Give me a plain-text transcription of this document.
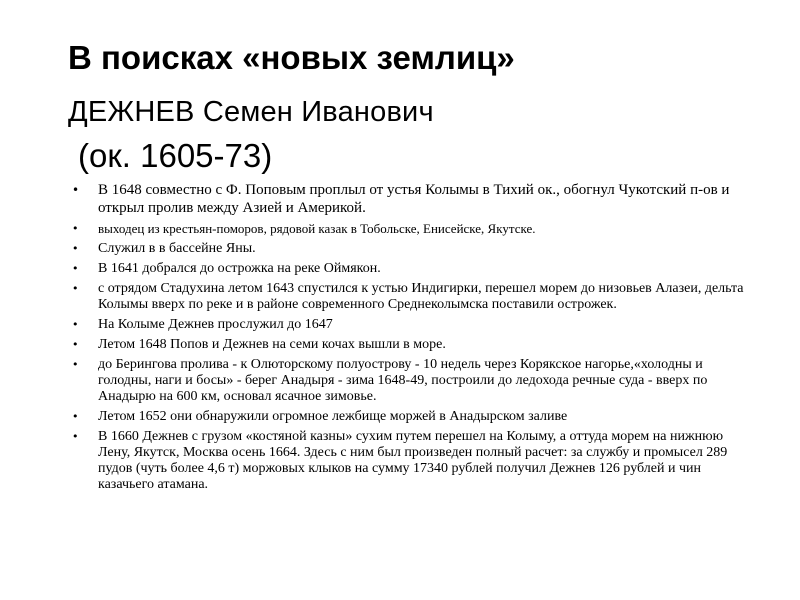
В поисках «новых землиц»
ДЕЖНЕВ Семен Иванович
(ок. 1605-73)
• В 1648 совместно с Ф. Поповым проплыл от устья Колымы в Тихий ок., обогнул Чукотский п-ов и открыл пролив между Азией и Америкой.
• выходец из крестьян-поморов, рядовой казак в Тобольске, Енисейске, Якутске.
• Служил в в бассейне Яны.
• В 1641 добрался до острожка на реке Оймякон.
• с отрядом Стадухина летом 1643 спустился к устью Индигирки, перешел морем до низовьев Алазеи, дельта Колымы вверх по реке и в районе современного Среднеколымска поставили острожек.
• На Колыме Дежнев прослужил до 1647
• Летом 1648 Попов и Дежнев на семи кочах вышли в море.
• до Берингова пролива - к Олюторскому полуострову - 10 недель через Корякское нагорье,«холодны и голодны, наги и босы» - берег Анадыря - зима 1648-49, построили до ледохода речные суда - вверх по Анадырю на 600 км, основал ясачное зимовье.
• Летом 1652 они обнаружили огромное лежбище моржей в Анадырском заливе
• В 1660 Дежнев с грузом «костяной казны» сухим путем перешел на Колыму, а оттуда морем на нижнюю Лену, Якутск, Москва осень 1664. Здесь с ним был произведен полный расчет: за службу и промысел 289 пудов (чуть более 4,6 т) моржовых клыков на сумму 17340 рублей получил Дежнев 126 рублей и чин казачьего атамана.
